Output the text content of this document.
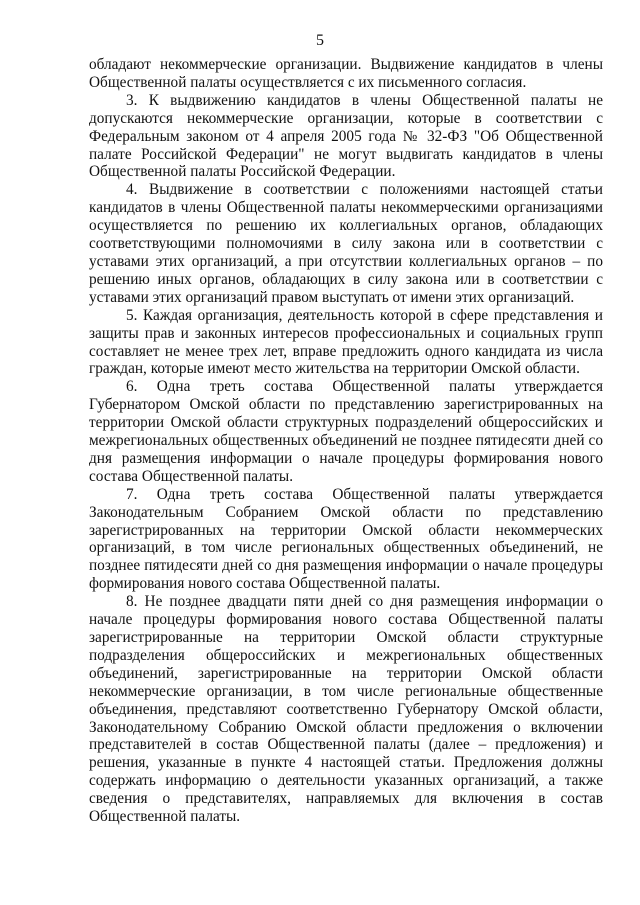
5

обладают некоммерческие организации. Выдвижение кандидатов в члены Общественной палаты осуществляется с их письменного согласия.

3. К выдвижению кандидатов в члены Общественной палаты не допускаются некоммерческие организации, которые в соответствии с Федеральным законом от 4 апреля 2005 года № 32-ФЗ "Об Общественной палате Российской Федерации" не могут выдвигать кандидатов в члены Общественной палаты Российской Федерации.

4. Выдвижение в соответствии с положениями настоящей статьи кандидатов в члены Общественной палаты некоммерческими организациями осуществляется по решению их коллегиальных органов, обладающих соответствующими полномочиями в силу закона или в соответствии с уставами этих организаций, а при отсутствии коллегиальных органов – по решению иных органов, обладающих в силу закона или в соответствии с уставами этих организаций правом выступать от имени этих организаций.

5. Каждая организация, деятельность которой в сфере представления и защиты прав и законных интересов профессиональных и социальных групп составляет не менее трех лет, вправе предложить одного кандидата из числа граждан, которые имеют место жительства на территории Омской области.

6. Одна треть состава Общественной палаты утверждается Губернатором Омской области по представлению зарегистрированных на территории Омской области структурных подразделений общероссийских и межрегиональных общественных объединений не позднее пятидесяти дней со дня размещения информации о начале процедуры формирования нового состава Общественной палаты.

7. Одна треть состава Общественной палаты утверждается Законодательным Собранием Омской области по представлению зарегистрированных на территории Омской области некоммерческих организаций, в том числе региональных общественных объединений, не позднее пятидесяти дней со дня размещения информации о начале процедуры формирования нового состава Общественной палаты.

8. Не позднее двадцати пяти дней со дня размещения информации о начале процедуры формирования нового состава Общественной палаты зарегистрированные на территории Омской области структурные подразделения общероссийских и межрегиональных общественных объединений, зарегистрированные на территории Омской области некоммерческие организации, в том числе региональные общественные объединения, представляют соответственно Губернатору Омской области, Законодательному Собранию Омской области предложения о включении представителей в состав Общественной палаты (далее – предложения) и решения, указанные в пункте 4 настоящей статьи. Предложения должны содержать информацию о деятельности указанных организаций, а также сведения о представителях, направляемых для включения в состав Общественной палаты.
